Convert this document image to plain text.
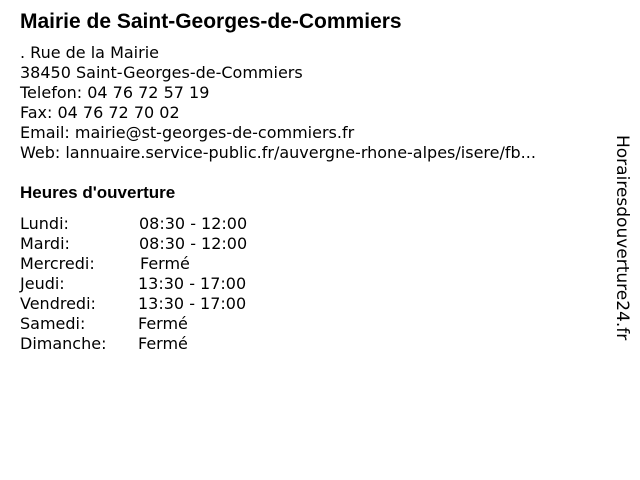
Mairie de Saint-Georges-de-Commiers
. Rue de la Mairie
38450 Saint-Georges-de-Commiers
Telefon: 04 76 72 57 19
Fax: 04 76 72 70 02
Email: mairie@st-georges-de-commiers.fr
Web: lannuaire.service-public.fr/auvergne-rhone-alpes/isere/fb...
Heures d'ouverture
Lundi:	08:30 - 12:00
Mardi:	08:30 - 12:00
Mercredi:	Fermé
Jeudi:	13:30 - 17:00
Vendredi:	13:30 - 17:00
Samedi:	Fermé
Dimanche: Fermé
Horairesdouverture24.fr
